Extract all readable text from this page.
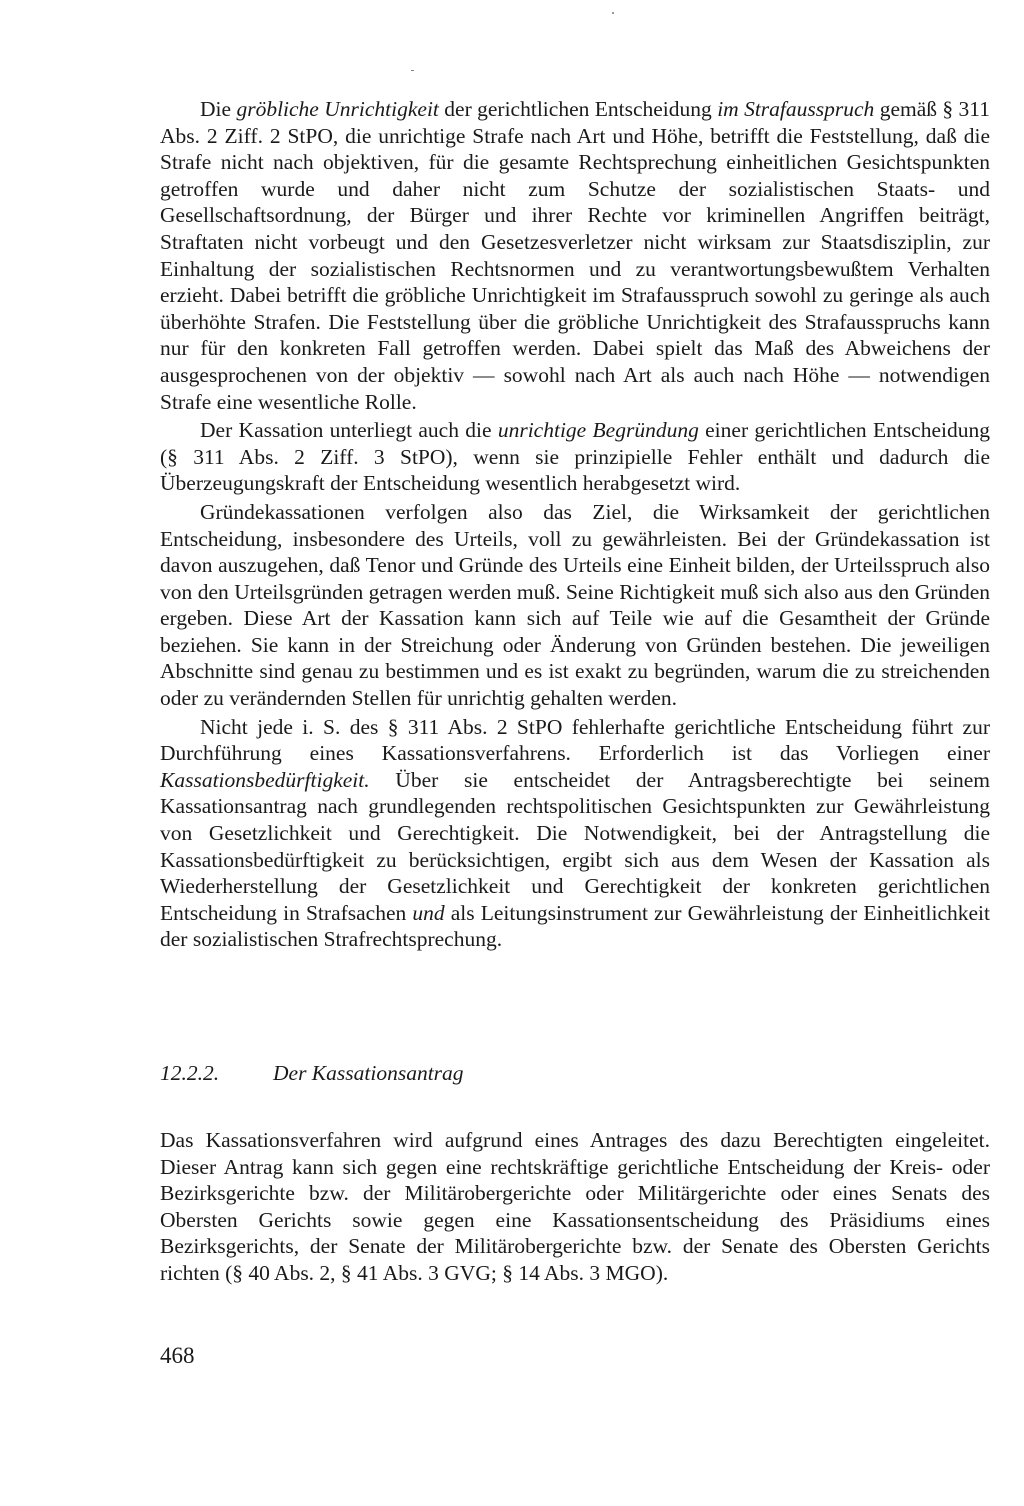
Die gröbliche Unrichtigkeit der gerichtlichen Entscheidung im Strafausspruch gemäß § 311 Abs. 2 Ziff. 2 StPO, die unrichtige Strafe nach Art und Höhe, betrifft die Feststellung, daß die Strafe nicht nach objektiven, für die gesamte Rechtsprechung einheitlichen Gesichtspunkten getroffen wurde und daher nicht zum Schutze der sozialistischen Staats- und Gesellschaftsordnung, der Bürger und ihrer Rechte vor kriminellen Angriffen beiträgt, Straftaten nicht vorbeugt und den Gesetzesverletzer nicht wirksam zur Staatsdisziplin, zur Einhaltung der sozialistischen Rechtsnormen und zu verantwortungsbewußtem Verhalten erzieht. Dabei betrifft die gröbliche Unrichtigkeit im Strafausspruch sowohl zu geringe als auch überhöhte Strafen. Die Feststellung über die gröbliche Unrichtigkeit des Strafausspruchs kann nur für den konkreten Fall getroffen werden. Dabei spielt das Maß des Abweichens der ausgesprochenen von der objektiv — sowohl nach Art als auch nach Höhe — notwendigen Strafe eine wesentliche Rolle.

Der Kassation unterliegt auch die unrichtige Begründung einer gerichtlichen Entscheidung (§ 311 Abs. 2 Ziff. 3 StPO), wenn sie prinzipielle Fehler enthält und dadurch die Überzeugungskraft der Entscheidung wesentlich herabgesetzt wird.

Gründekassationen verfolgen also das Ziel, die Wirksamkeit der gerichtlichen Entscheidung, insbesondere des Urteils, voll zu gewährleisten. Bei der Gründekassation ist davon auszugehen, daß Tenor und Gründe des Urteils eine Einheit bilden, der Urteilsspruch also von den Urteilsgründen getragen werden muß. Seine Richtigkeit muß sich also aus den Gründen ergeben. Diese Art der Kassation kann sich auf Teile wie auf die Gesamtheit der Gründe beziehen. Sie kann in der Streichung oder Änderung von Gründen bestehen. Die jeweiligen Abschnitte sind genau zu bestimmen und es ist exakt zu begründen, warum die zu streichenden oder zu verändernden Stellen für unrichtig gehalten werden.

Nicht jede i. S. des § 311 Abs. 2 StPO fehlerhafte gerichtliche Entscheidung führt zur Durchführung eines Kassationsverfahrens. Erforderlich ist das Vorliegen einer Kassationsbedürftigkeit. Über sie entscheidet der Antragsberechtigte bei seinem Kassationsantrag nach grundlegenden rechtspolitischen Gesichtspunkten zur Gewährleistung von Gesetzlichkeit und Gerechtigkeit. Die Notwendigkeit, bei der Antragstellung die Kassationsbedürftigkeit zu berücksichtigen, ergibt sich aus dem Wesen der Kassation als Wiederherstellung der Gesetzlichkeit und Gerechtigkeit der konkreten gerichtlichen Entscheidung in Strafsachen und als Leitungsinstrument zur Gewährleistung der Einheitlichkeit der sozialistischen Strafrechtsprechung.

12.2.2.	Der Kassationsantrag

Das Kassationsverfahren wird aufgrund eines Antrages des dazu Berechtigten eingeleitet. Dieser Antrag kann sich gegen eine rechtskräftige gerichtliche Entscheidung der Kreis- oder Bezirksgerichte bzw. der Militärobergerichte oder Militärgerichte oder eines Senats des Obersten Gerichts sowie gegen eine Kassationsentscheidung des Präsidiums eines Bezirksgerichts, der Senate der Militärobergerichte bzw. der Senate des Obersten Gerichts richten (§ 40 Abs. 2, § 41 Abs. 3 GVG; § 14 Abs. 3 MGO).

468
